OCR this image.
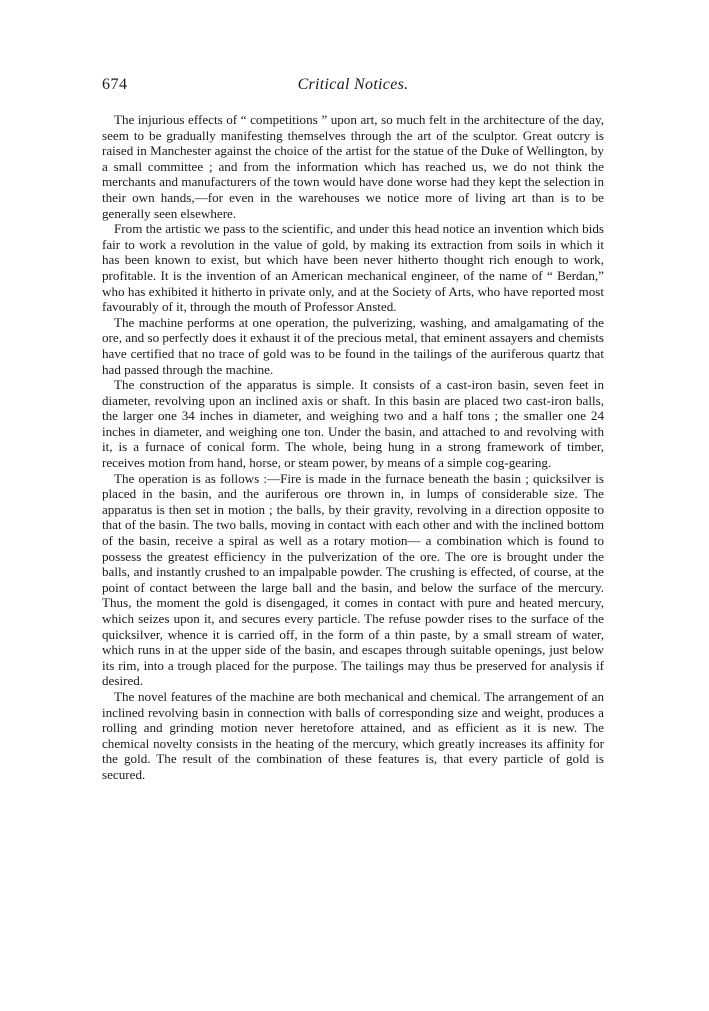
674	Critical Notices.

The injurious effects of “ competitions ” upon art, so much felt in the architecture of the day, seem to be gradually manifesting themselves through the art of the sculptor. Great outcry is raised in Manchester against the choice of the artist for the statue of the Duke of Wellington, by a small committee ; and from the information which has reached us, we do not think the merchants and manufacturers of the town would have done worse had they kept the selection in their own hands,—for even in the warehouses we notice more of living art than is to be generally seen elsewhere.

From the artistic we pass to the scientific, and under this head notice an invention which bids fair to work a revolution in the value of gold, by making its extraction from soils in which it has been known to exist, but which have been never hitherto thought rich enough to work, profitable. It is the invention of an American mechanical engineer, of the name of “ Berdan,” who has exhibited it hitherto in private only, and at the Society of Arts, who have reported most favourably of it, through the mouth of Professor Ansted.

The machine performs at one operation, the pulverizing, washing, and amalgamating of the ore, and so perfectly does it exhaust it of the precious metal, that eminent assayers and chemists have certified that no trace of gold was to be found in the tailings of the auriferous quartz that had passed through the machine.

The construction of the apparatus is simple. It consists of a cast-iron basin, seven feet in diameter, revolving upon an inclined axis or shaft. In this basin are placed two cast-iron balls, the larger one 34 inches in diameter, and weighing two and a half tons ; the smaller one 24 inches in diameter, and weighing one ton. Under the basin, and attached to and revolving with it, is a furnace of conical form. The whole, being hung in a strong framework of timber, receives motion from hand, horse, or steam power, by means of a simple cog-gearing.

The operation is as follows :—Fire is made in the furnace beneath the basin ; quicksilver is placed in the basin, and the auriferous ore thrown in, in lumps of considerable size. The apparatus is then set in motion ; the balls, by their gravity, revolving in a direction opposite to that of the basin. The two balls, moving in contact with each other and with the inclined bottom of the basin, receive a spiral as well as a rotary motion— a combination which is found to possess the greatest efficiency in the pulverization of the ore. The ore is brought under the balls, and instantly crushed to an impalpable powder. The crushing is effected, of course, at the point of contact between the large ball and the basin, and below the surface of the mercury. Thus, the moment the gold is disengaged, it comes in contact with pure and heated mercury, which seizes upon it, and secures every particle. The refuse powder rises to the surface of the quicksilver, whence it is carried off, in the form of a thin paste, by a small stream of water, which runs in at the upper side of the basin, and escapes through suitable openings, just below its rim, into a trough placed for the purpose. The tailings may thus be preserved for analysis if desired.

The novel features of the machine are both mechanical and chemical. The arrangement of an inclined revolving basin in connection with balls of corresponding size and weight, produces a rolling and grinding motion never heretofore attained, and as efficient as it is new. The chemical novelty consists in the heating of the mercury, which greatly increases its affinity for the gold. The result of the combination of these features is, that every particle of gold is secured.
